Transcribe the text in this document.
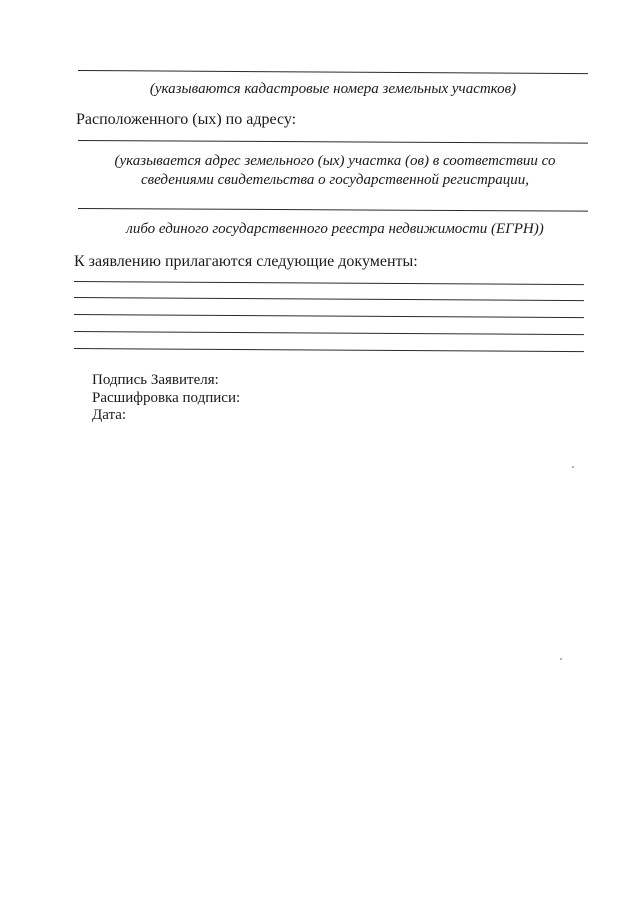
(указываются кадастровые номера земельных участков)
Расположенного (ых) по адресу:
(указывается адрес земельного (ых) участка (ов) в соответствии со
сведениями свидетельства о государственной регистрации,
либо единого государственного реестра недвижимости (ЕГРН))
К заявлению прилагаются следующие документы:
Подпись Заявителя:
Расшифровка подписи:
Дата:
